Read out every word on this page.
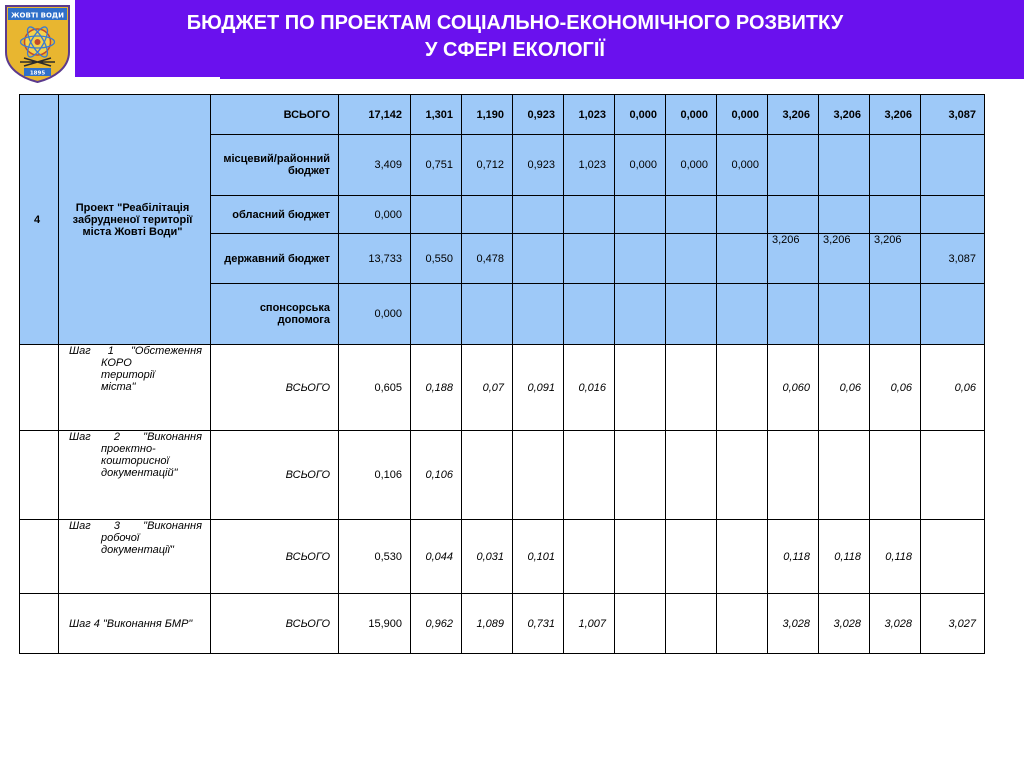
ЖОВТІ ВОДИ
1895
БЮДЖЕТ ПО ПРОЕКТАМ СОЦІАЛЬНО-ЕКОНОМІЧНОГО РОЗВИТКУ
У СФЕРІ ЕКОЛОГІЇ
4	Проект "Реабілітація забрудненої території міста Жовті Води"	ВСЬОГО	17,142	1,301	1,190	0,923	1,023	0,000	0,000	0,000	3,206	3,206	3,206	3,087
		місцевий/районний бюджет	3,409	0,751	0,712	0,923	1,023	0,000	0,000	0,000				
		обласний бюджет	0,000											
		державний бюджет	13,733	0,550	0,478						3,206	3,206	3,206	3,087
		спонсорська допомога	0,000											

	Шаг 1 "Обстеження
КОРО
території
міста"	ВСЬОГО	0,605	0,188	0,07	0,091	0,016				0,060	0,06	0,06	0,06

	Шаг 2 "Виконання
проектно-
кошторисної
документацій"	ВСЬОГО	0,106	0,106										

	Шаг 3 "Виконання
робочої
документації"	ВСЬОГО	0,530	0,044	0,031	0,101					0,118	0,118	0,118	

	Шаг 4 "Виконання БМР"	ВСЬОГО	15,900	0,962	1,089	0,731	1,007				3,028	3,028	3,028	3,027
